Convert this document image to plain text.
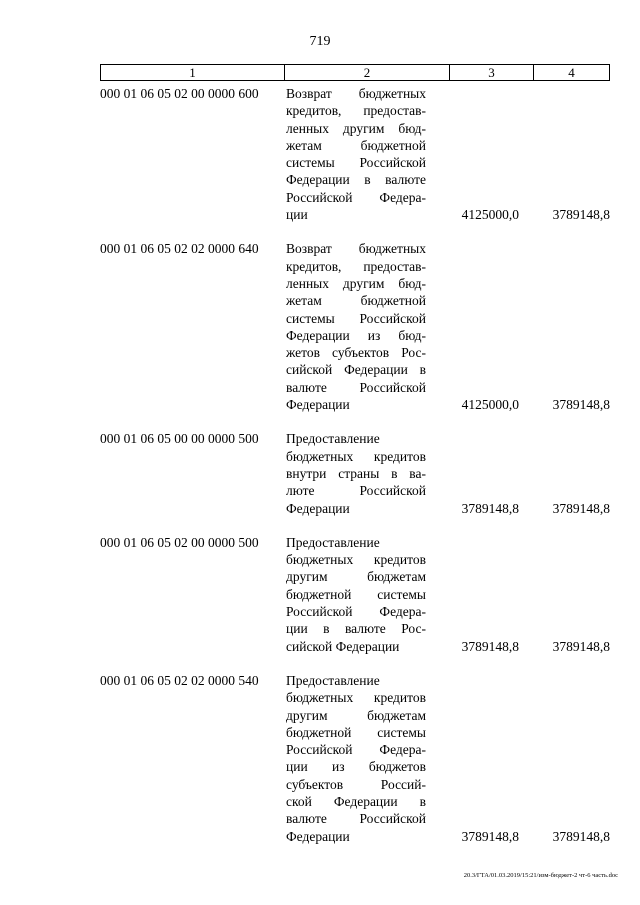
719
1	2	3	4
000 01 06 05 02 00 0000 600	Возврат бюджетных
кредитов, предостав-
ленных другим бюд-
жетам бюджетной
системы Российской
Федерации в валюте
Российской Федера-
ции	4125000,0	3789148,8
000 01 06 05 02 02 0000 640	Возврат бюджетных
кредитов, предостав-
ленных другим бюд-
жетам бюджетной
системы Российской
Федерации из бюд-
жетов субъектов Рос-
сийской Федерации в
валюте Российской
Федерации	4125000,0	3789148,8
000 01 06 05 00 00 0000 500	Предоставление
бюджетных кредитов
внутри страны в ва-
люте Российской
Федерации	3789148,8	3789148,8
000 01 06 05 02 00 0000 500	Предоставление
бюджетных кредитов
другим бюджетам
бюджетной системы
Российской Федера-
ции в валюте Рос-
сийской Федерации	3789148,8	3789148,8
000 01 06 05 02 02 0000 540	Предоставление
бюджетных кредитов
другим бюджетам
бюджетной системы
Российской Федера-
ции из бюджетов
субъектов Россий-
ской Федерации в
валюте Российской
Федерации	3789148,8	3789148,8
20.3/ГТА/01.03.2019/15:21/изм-бюджет-2 чт-6 часть.doc
